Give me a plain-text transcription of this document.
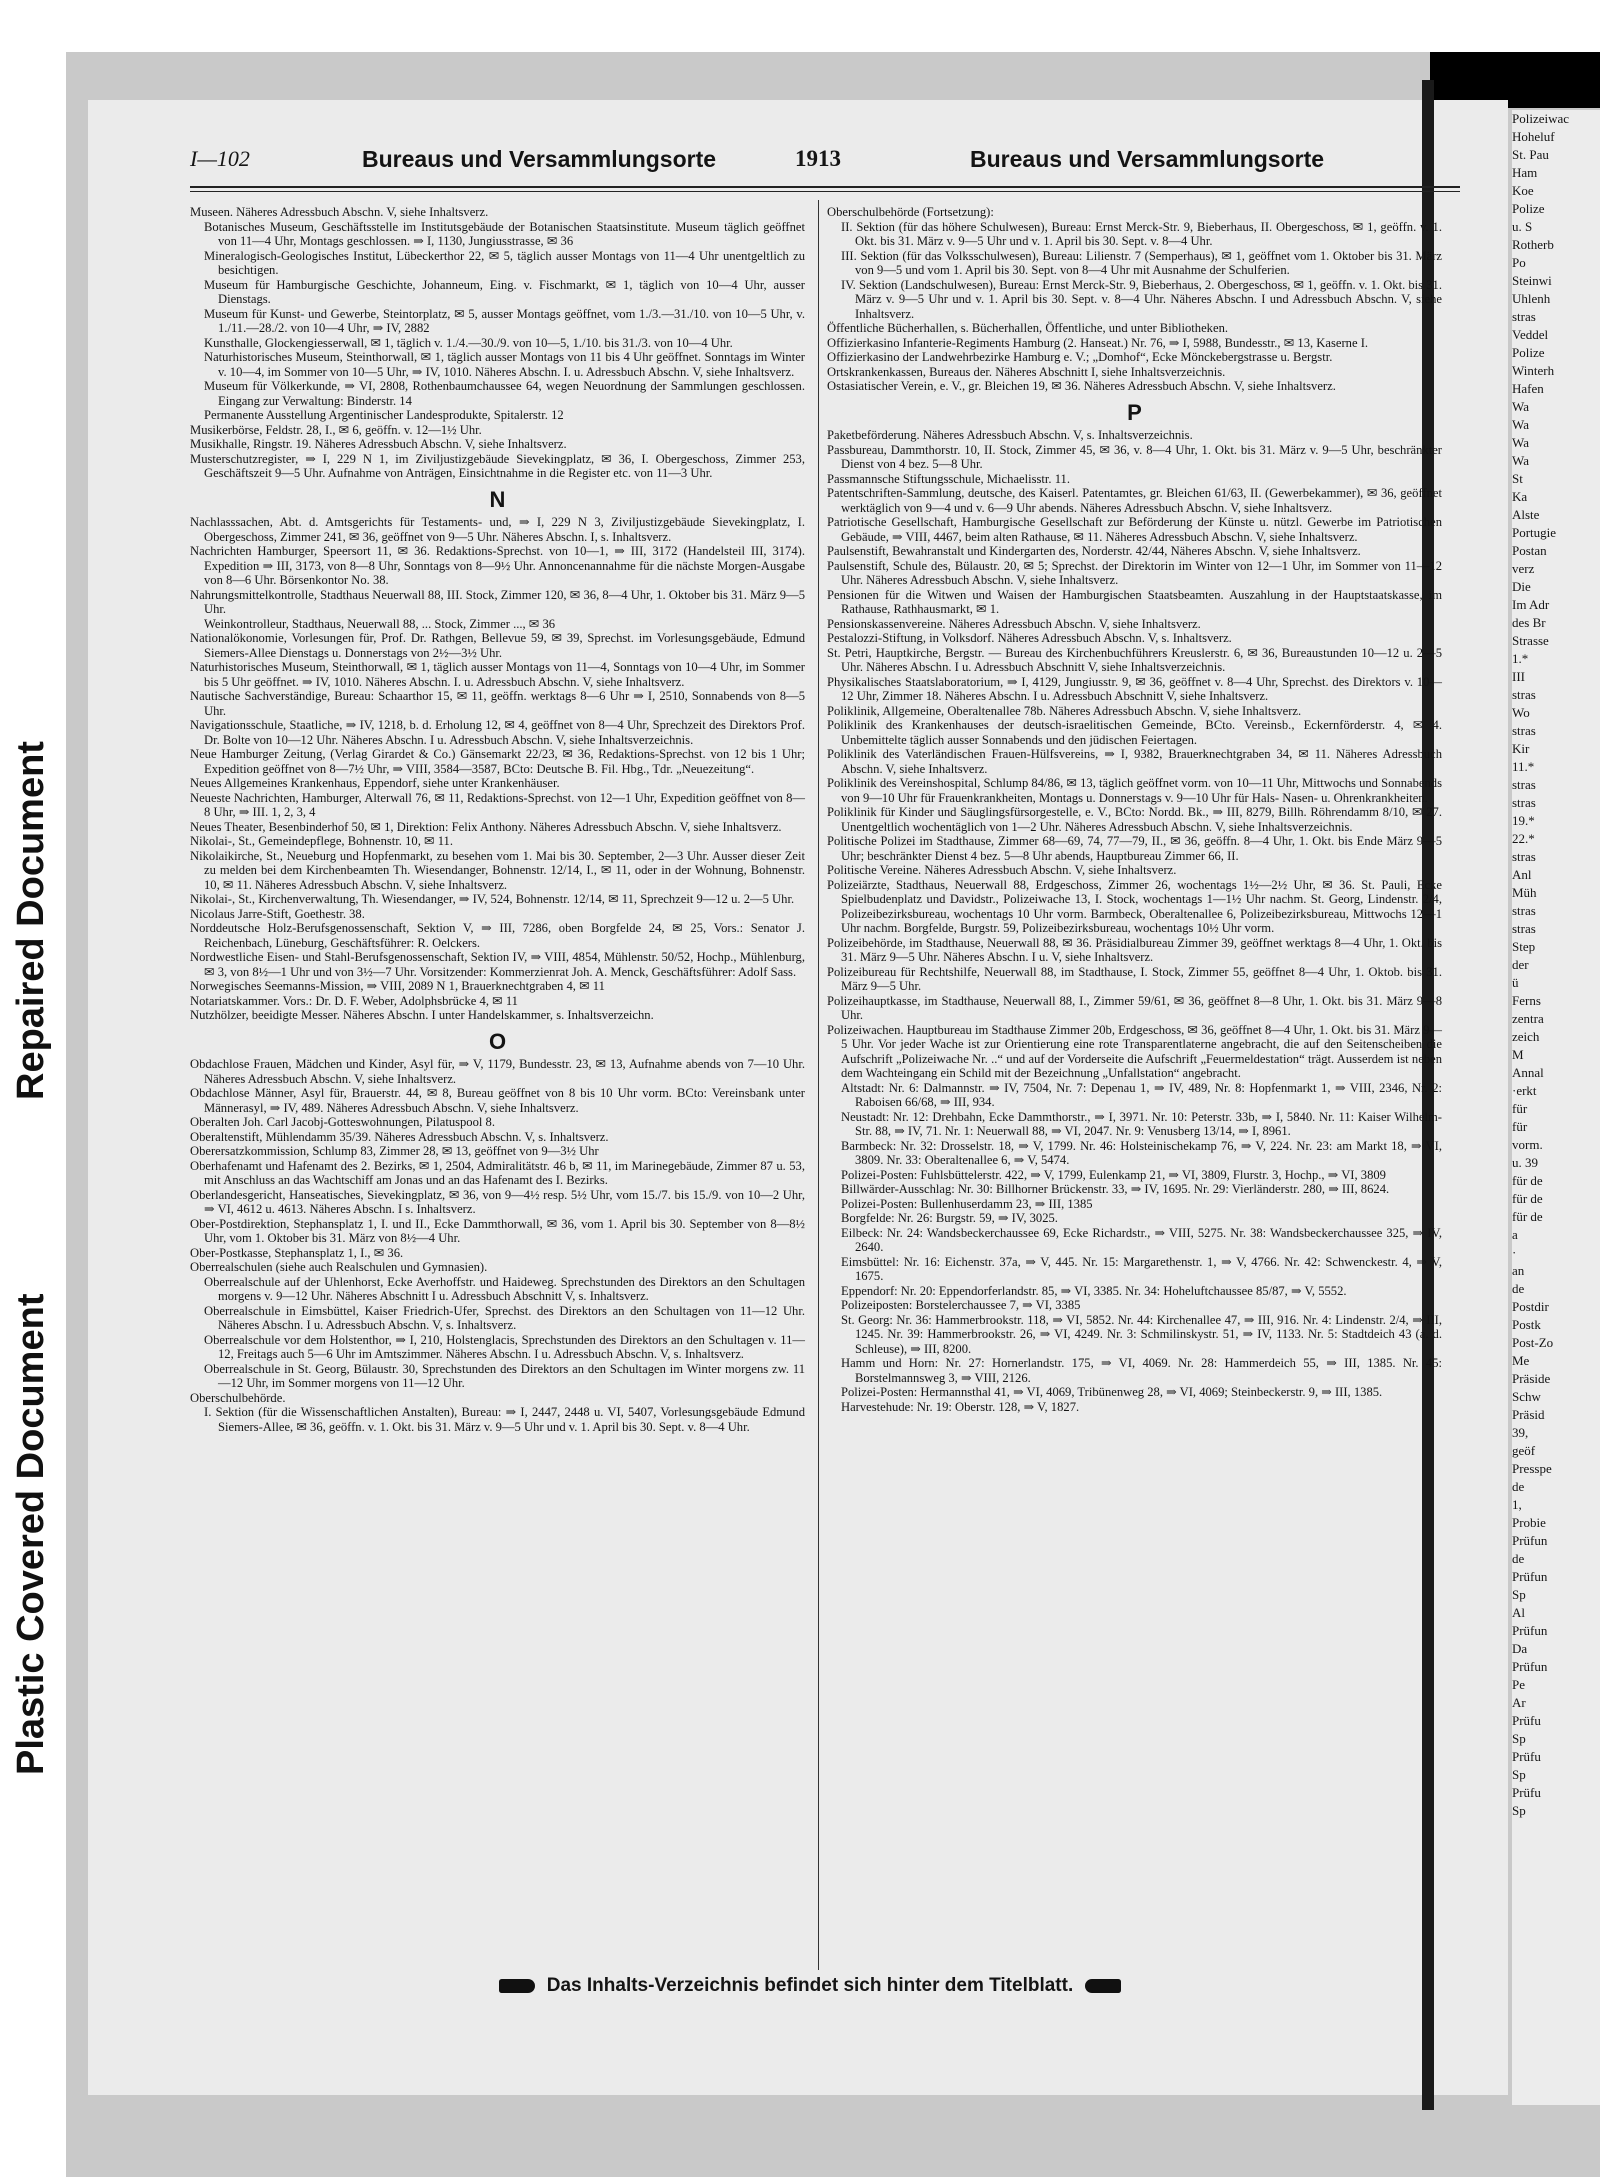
Repaired Document
Plastic Covered Document
Polizeiwac
Hoheluf
St. Pau
Ham
Koe
Polize
u. S
Rotherb
Po
Steinwi
Uhlenh
stras
Veddel
Polize
Winterh
Hafen
Wa
Wa
Wa
Wa
St
Ka
Alste
Portugie
Postan
verz
Die
Im Adr
des Br
Strasse
1.*
III
stras
Wo
stras
Kir
11.*
stras
stras
19.*
22.*
stras
Anl
Müh
stras
stras
Step
der
ü
Ferns
zentra
zeich
M
Annal
·erkt
für
für
vorm.
u. 39
für de
für de
für de
a
·
an
de
Postdir
Postk
Post-Zo
Me
Präside
Schw
Präsid
39,
geöf
Presspe
de
1,
Probie
Prüfun
de
Prüfun
Sp
Al
Prüfun
Da
Prüfun
Pe
Ar
Prüfu
Sp
Prüfu
Sp
Prüfu
Sp
I—102	Bureaus und Versammlungsorte	1913	Bureaus und Versammlungsorte

Museen. Näheres Adressbuch Abschn. V, siehe Inhaltsverz.

Botanisches Museum, Geschäftsstelle im Institutsgebäude der Botanischen Staatsinstitute. Museum täglich geöffnet von 11—4 Uhr, Montags geschlossen. ⇒ I, 1130, Jungiusstrasse, ✉ 36

Mineralogisch-Geologisches Institut, Lübeckerthor 22, ✉ 5, täglich ausser Montags von 11—4 Uhr unentgeltlich zu besichtigen.

Museum für Hamburgische Geschichte, Johanneum, Eing. v. Fischmarkt, ✉ 1, täglich von 10—4 Uhr, ausser Dienstags.

Museum für Kunst- und Gewerbe, Steintorplatz, ✉ 5, ausser Montags geöffnet, vom 1./3.—31./10. von 10—5 Uhr, v. 1./11.—28./2. von 10—4 Uhr, ⇒ IV, 2882

Kunsthalle, Glockengiesserwall, ✉ 1, täglich v. 1./4.—30./9. von 10—5, 1./10. bis 31./3. von 10—4 Uhr.

Naturhistorisches Museum, Steinthorwall, ✉ 1, täglich ausser Montags von 11 bis 4 Uhr geöffnet. Sonntags im Winter v. 10—4, im Sommer von 10—5 Uhr, ⇒ IV, 1010. Näheres Abschn. I. u. Adressbuch Abschn. V, siehe Inhaltsverz.

Museum für Völkerkunde, ⇒ VI, 2808, Rothenbaumchaussee 64, wegen Neuordnung der Sammlungen geschlossen. Eingang zur Verwaltung: Binderstr. 14

Permanente Ausstellung Argentinischer Landesprodukte, Spitalerstr. 12

Musikerbörse, Feldstr. 28, I., ✉ 6, geöffn. v. 12—1½ Uhr.

Musikhalle, Ringstr. 19. Näheres Adressbuch Abschn. V, siehe Inhaltsverz.

Musterschutzregister, ⇒ I, 229 N 1, im Ziviljustizgebäude Sievekingplatz, ✉ 36, I. Obergeschoss, Zimmer 253, Geschäftszeit 9—5 Uhr. Aufnahme von Anträgen, Einsichtnahme in die Register etc. von 11—3 Uhr.

N

Nachlasssachen, Abt. d. Amtsgerichts für Testaments- und, ⇒ I, 229 N 3, Ziviljustizgebäude Sievekingplatz, I. Obergeschoss, Zimmer 241, ✉ 36, geöffnet von 9—5 Uhr. Näheres Abschn. I, s. Inhaltsverz.

Nachrichten Hamburger, Speersort 11, ✉ 36. Redaktions-Sprechst. von 10—1, ⇒ III, 3172 (Handelsteil III, 3174). Expedition ⇒ III, 3173, von 8—8 Uhr, Sonntags von 8—9½ Uhr. Annoncenannahme für die nächste Morgen-Ausgabe von 8—6 Uhr. Börsenkontor No. 38.

Nahrungsmittelkontrolle, Stadthaus Neuerwall 88, III. Stock, Zimmer 120, ✉ 36, 8—4 Uhr, 1. Oktober bis 31. März 9—5 Uhr.

Weinkontrolleur, Stadthaus, Neuerwall 88, ... Stock, Zimmer ..., ✉ 36

Nationalökonomie, Vorlesungen für, Prof. Dr. Rathgen, Bellevue 59, ✉ 39, Sprechst. im Vorlesungsgebäude, Edmund Siemers-Allee Dienstags u. Donnerstags von 2½—3½ Uhr.

Naturhistorisches Museum, Steinthorwall, ✉ 1, täglich ausser Montags von 11—4, Sonntags von 10—4 Uhr, im Sommer bis 5 Uhr geöffnet. ⇒ IV, 1010. Näheres Abschn. I. u. Adressbuch Abschn. V, siehe Inhaltsverz.

Nautische Sachverständige, Bureau: Schaarthor 15, ✉ 11, geöffn. werktags 8—6 Uhr ⇒ I, 2510, Sonnabends von 8—5 Uhr.

Navigationsschule, Staatliche, ⇒ IV, 1218, b. d. Erholung 12, ✉ 4, geöffnet von 8—4 Uhr, Sprechzeit des Direktors Prof. Dr. Bolte von 10—12 Uhr. Näheres Abschn. I u. Adressbuch Abschn. V, siehe Inhaltsverzeichnis.

Neue Hamburger Zeitung, (Verlag Girardet & Co.) Gänsemarkt 22/23, ✉ 36, Redaktions-Sprechst. von 12 bis 1 Uhr; Expedition geöffnet von 8—7½ Uhr, ⇒ VIII, 3584—3587, BCto: Deutsche B. Fil. Hbg., Tdr. „Neuezeitung“.

Neues Allgemeines Krankenhaus, Eppendorf, siehe unter Krankenhäuser.

Neueste Nachrichten, Hamburger, Alterwall 76, ✉ 11, Redaktions-Sprechst. von 12—1 Uhr, Expedition geöffnet von 8—8 Uhr, ⇒ III. 1, 2, 3, 4

Neues Theater, Besenbinderhof 50, ✉ 1, Direktion: Felix Anthony. Näheres Adressbuch Abschn. V, siehe Inhaltsverz.

Nikolai-, St., Gemeindepflege, Bohnenstr. 10, ✉ 11.

Nikolaikirche, St., Neueburg und Hopfenmarkt, zu besehen vom 1. Mai bis 30. September, 2—3 Uhr. Ausser dieser Zeit zu melden bei dem Kirchenbeamten Th. Wiesendanger, Bohnenstr. 12/14, I., ✉ 11, oder in der Wohnung, Bohnenstr. 10, ✉ 11. Näheres Adressbuch Abschn. V, siehe Inhaltsverz.

Nikolai-, St., Kirchenverwaltung, Th. Wiesendanger, ⇒ IV, 524, Bohnenstr. 12/14, ✉ 11, Sprechzeit 9—12 u. 2—5 Uhr.

Nicolaus Jarre-Stift, Goethestr. 38.

Norddeutsche Holz-Berufsgenossenschaft, Sektion V, ⇒ III, 7286, oben Borgfelde 24, ✉ 25, Vors.: Senator J. Reichenbach, Lüneburg, Geschäftsführer: R. Oelckers.

Nordwestliche Eisen- und Stahl-Berufsgenossenschaft, Sektion IV, ⇒ VIII, 4854, Mühlenstr. 50/52, Hochp., Mühlenburg, ✉ 3, von 8½—1 Uhr und von 3½—7 Uhr. Vorsitzender: Kommerzienrat Joh. A. Menck, Geschäftsführer: Adolf Sass.

Norwegisches Seemanns-Mission, ⇒ VIII, 2089 N 1, Brauerknechtgraben 4, ✉ 11

Notariatskammer. Vors.: Dr. D. F. Weber, Adolphsbrücke 4, ✉ 11

Nutzhölzer, beeidigte Messer. Näheres Abschn. I unter Handelskammer, s. Inhaltsverzeichn.

O

Obdachlose Frauen, Mädchen und Kinder, Asyl für, ⇒ V, 1179, Bundesstr. 23, ✉ 13, Aufnahme abends von 7—10 Uhr. Näheres Adressbuch Abschn. V, siehe Inhaltsverz.

Obdachlose Männer, Asyl für, Brauerstr. 44, ✉ 8, Bureau geöffnet von 8 bis 10 Uhr vorm. BCto: Vereinsbank unter Männerasyl, ⇒ IV, 489. Näheres Adressbuch Abschn. V, siehe Inhaltsverz.

Oberalten Joh. Carl Jacobj-Gotteswohnungen, Pilatuspool 8.

Oberaltenstift, Mühlendamm 35/39. Näheres Adressbuch Abschn. V, s. Inhaltsverz.

Oberersatzkommission, Schlump 83, Zimmer 28, ✉ 13, geöffnet von 9—3½ Uhr

Oberhafenamt und Hafenamt des 2. Bezirks, ✉ 1, 2504, Admiralitätstr. 46 b, ✉ 11, im Marinegebäude, Zimmer 87 u. 53, mit Anschluss an das Wachtschiff am Jonas und an das Hafenamt des I. Bezirks.

Oberlandesgericht, Hanseatisches, Sievekingplatz, ✉ 36, von 9—4½ resp. 5½ Uhr, vom 15./7. bis 15./9. von 10—2 Uhr, ⇒ VI, 4612 u. 4613. Näheres Abschn. I s. Inhaltsverz.

Ober-Postdirektion, Stephansplatz 1, I. und II., Ecke Dammthorwall, ✉ 36, vom 1. April bis 30. September von 8—8½ Uhr, vom 1. Oktober bis 31. März von 8½—4 Uhr.

Ober-Postkasse, Stephansplatz 1, I., ✉ 36.

Oberrealschulen (siehe auch Realschulen und Gymnasien).

Oberrealschule auf der Uhlenhorst, Ecke Averhoffstr. und Haideweg. Sprechstunden des Direktors an den Schultagen morgens v. 9—12 Uhr. Näheres Abschnitt I u. Adressbuch Abschnitt V, s. Inhaltsverz.

Oberrealschule in Eimsbüttel, Kaiser Friedrich-Ufer, Sprechst. des Direktors an den Schultagen von 11—12 Uhr. Näheres Abschn. I u. Adressbuch Abschn. V, s. Inhaltsverz.

Oberrealschule vor dem Holstenthor, ⇒ I, 210, Holstenglacis, Sprechstunden des Direktors an den Schultagen v. 11—12, Freitags auch 5—6 Uhr im Amtszimmer. Näheres Abschn. I u. Adressbuch Abschn. V, s. Inhaltsverz.

Oberrealschule in St. Georg, Bülaustr. 30, Sprechstunden des Direktors an den Schultagen im Winter morgens zw. 11—12 Uhr, im Sommer morgens von 11—12 Uhr.

Oberschulbehörde.

I. Sektion (für die Wissenschaftlichen Anstalten), Bureau: ⇒ I, 2447, 2448 u. VI, 5407, Vorlesungsgebäude Edmund Siemers-Allee, ✉ 36, geöffn. v. 1. Okt. bis 31. März v. 9—5 Uhr und v. 1. April bis 30. Sept. v. 8—4 Uhr.

Oberschulbehörde (Fortsetzung):

II. Sektion (für das höhere Schulwesen), Bureau: Ernst Merck-Str. 9, Bieberhaus, II. Obergeschoss, ✉ 1, geöffn. v. 1. Okt. bis 31. März v. 9—5 Uhr und v. 1. April bis 30. Sept. v. 8—4 Uhr.

III. Sektion (für das Volksschulwesen), Bureau: Lilienstr. 7 (Semperhaus), ✉ 1, geöffnet vom 1. Oktober bis 31. März von 9—5 und vom 1. April bis 30. Sept. von 8—4 Uhr mit Ausnahme der Schulferien.

IV. Sektion (Landschulwesen), Bureau: Ernst Merck-Str. 9, Bieberhaus, 2. Obergeschoss, ✉ 1, geöffn. v. 1. Okt. bis 31. März v. 9—5 Uhr und v. 1. April bis 30. Sept. v. 8—4 Uhr. Näheres Abschn. I und Adressbuch Abschn. V, siehe Inhaltsverz.

Öffentliche Bücherhallen, s. Bücherhallen, Öffentliche, und unter Bibliotheken.

Offizierkasino Infanterie-Regiments Hamburg (2. Hanseat.) Nr. 76, ⇒ I, 5988, Bundesstr., ✉ 13, Kaserne I.

Offizierkasino der Landwehrbezirke Hamburg e. V.; „Domhof“, Ecke Mönckebergstrasse u. Bergstr.

Ortskrankenkassen, Bureaus der. Näheres Abschnitt I, siehe Inhaltsverzeichnis.

Ostasiatischer Verein, e. V., gr. Bleichen 19, ✉ 36. Näheres Adressbuch Abschn. V, siehe Inhaltsverz.

P

Paketbeförderung. Näheres Adressbuch Abschn. V, s. Inhaltsverzeichnis.

Passbureau, Dammthorstr. 10, II. Stock, Zimmer 45, ✉ 36, v. 8—4 Uhr, 1. Okt. bis 31. März v. 9—5 Uhr, beschränkter Dienst von 4 bez. 5—8 Uhr.

Passmannsche Stiftungsschule, Michaelisstr. 11.

Patentschriften-Sammlung, deutsche, des Kaiserl. Patentamtes, gr. Bleichen 61/63, II. (Gewerbekammer), ✉ 36, geöffnet werktäglich von 9—4 und v. 6—9 Uhr abends. Näheres Adressbuch Abschn. V, siehe Inhaltsverz.

Patriotische Gesellschaft, Hamburgische Gesellschaft zur Beförderung der Künste u. nützl. Gewerbe im Patriotischen Gebäude, ⇒ VIII, 4467, beim alten Rathause, ✉ 11. Näheres Adressbuch Abschn. V, siehe Inhaltsverz.

Paulsenstift, Bewahranstalt und Kindergarten des, Norderstr. 42/44, Näheres Abschn. V, siehe Inhaltsverz.

Paulsenstift, Schule des, Bülaustr. 20, ✉ 5; Sprechst. der Direktorin im Winter von 12—1 Uhr, im Sommer von 11—12 Uhr. Näheres Adressbuch Abschn. V, siehe Inhaltsverz.

Pensionen für die Witwen und Waisen der Hamburgischen Staatsbeamten. Auszahlung in der Hauptstaatskasse, im Rathause, Rathhausmarkt, ✉ 1.

Pensionskassenvereine. Näheres Adressbuch Abschn. V, siehe Inhaltsverz.

Pestalozzi-Stiftung, in Volksdorf. Näheres Adressbuch Abschn. V, s. Inhaltsverz.

St. Petri, Hauptkirche, Bergstr. — Bureau des Kirchenbuchführers Kreuslerstr. 6, ✉ 36, Bureaustunden 10—12 u. 2—5 Uhr. Näheres Abschn. I u. Adressbuch Abschnitt V, siehe Inhaltsverzeichnis.

Physikalisches Staatslaboratorium, ⇒ I, 4129, Jungiusstr. 9, ✉ 36, geöffnet v. 8—4 Uhr, Sprechst. des Direktors v. 10—12 Uhr, Zimmer 18. Näheres Abschn. I u. Adressbuch Abschnitt V, siehe Inhaltsverz.

Poliklinik, Allgemeine, Oberaltenallee 78b. Näheres Adressbuch Abschn. V, siehe Inhaltsverz.

Poliklinik des Krankenhauses der deutsch-israelitischen Gemeinde, BCto. Vereinsb., Eckernförderstr. 4, ✉ 4. Unbemittelte täglich ausser Sonnabends und den jüdischen Feiertagen.

Poliklinik des Vaterländischen Frauen-Hülfsvereins, ⇒ I, 9382, Brauerknechtgraben 34, ✉ 11. Näheres Adressbuch Abschn. V, siehe Inhaltsverz.

Poliklinik des Vereinshospital, Schlump 84/86, ✉ 13, täglich geöffnet vorm. von 10—11 Uhr, Mittwochs und Sonnabends von 9—10 Uhr für Frauenkrankheiten, Montags u. Donnerstags v. 9—10 Uhr für Hals- Nasen- u. Ohrenkrankheiten.

Poliklinik für Kinder und Säuglingsfürsorgestelle, e. V., BCto: Nordd. Bk., ⇒ III, 8279, Billh. Röhrendamm 8/10, ✉ 27. Unentgeltlich wochentäglich von 1—2 Uhr. Näheres Adressbuch Abschn. V, siehe Inhaltsverzeichnis.

Politische Polizei im Stadthause, Zimmer 68—69, 74, 77—79, II., ✉ 36, geöffn. 8—4 Uhr, 1. Okt. bis Ende März 9—5 Uhr; beschränkter Dienst 4 bez. 5—8 Uhr abends, Hauptbureau Zimmer 66, II.

Politische Vereine. Näheres Adressbuch Abschn. V, siehe Inhaltsverz.

Polizeiärzte, Stadthaus, Neuerwall 88, Erdgeschoss, Zimmer 26, wochentags 1½—2½ Uhr, ✉ 36. St. Pauli, Ecke Spielbudenplatz und Davidstr., Polizeiwache 13, I. Stock, wochentags 1—1½ Uhr nachm. St. Georg, Lindenstr. 2/4, Polizeibezirksbureau, wochentags 10 Uhr vorm. Barmbeck, Oberaltenallee 6, Polizeibezirksbureau, Mittwochs 12—1 Uhr nachm. Borgfelde, Burgstr. 59, Polizeibezirksbureau, wochentags 10½ Uhr vorm.

Polizeibehörde, im Stadthause, Neuerwall 88, ✉ 36. Präsidialbureau Zimmer 39, geöffnet werktags 8—4 Uhr, 1. Okt. bis 31. März 9—5 Uhr. Näheres Abschn. I u. V, siehe Inhaltsverz.

Polizeibureau für Rechtshilfe, Neuerwall 88, im Stadthause, I. Stock, Zimmer 55, geöffnet 8—4 Uhr, 1. Oktob. bis 31. März 9—5 Uhr.

Polizeihauptkasse, im Stadthause, Neuerwall 88, I., Zimmer 59/61, ✉ 36, geöffnet 8—8 Uhr, 1. Okt. bis 31. März 9—8 Uhr.

Polizeiwachen. Hauptbureau im Stadthause Zimmer 20b, Erdgeschoss, ✉ 36, geöffnet 8—4 Uhr, 1. Okt. bis 31. März 9—5 Uhr. Vor jeder Wache ist zur Orientierung eine rote Transparentlaterne angebracht, die auf den Seitenscheiben die Aufschrift „Polizeiwache Nr. ..“ und auf der Vorderseite die Aufschrift „Feuermeldestation“ trägt. Ausserdem ist neben dem Wachteingang ein Schild mit der Bezeichnung „Unfallstation“ angebracht.

Altstadt: Nr. 6: Dalmannstr. ⇒ IV, 7504, Nr. 7: Depenau 1, ⇒ IV, 489, Nr. 8: Hopfenmarkt 1, ⇒ VIII, 2346, Nr. 2: Raboisen 66/68, ⇒ III, 934.

Neustadt: Nr. 12: Drehbahn, Ecke Dammthorstr., ⇒ I, 3971. Nr. 10: Peterstr. 33b, ⇒ I, 5840. Nr. 11: Kaiser Wilhelm-Str. 88, ⇒ IV, 71. Nr. 1: Neuerwall 88, ⇒ VI, 2047. Nr. 9: Venusberg 13/14, ⇒ I, 8961.

Barmbeck: Nr. 32: Drosselstr. 18, ⇒ V, 1799. Nr. 46: Holsteinischekamp 76, ⇒ V, 224. Nr. 23: am Markt 18, ⇒ VI, 3809. Nr. 33: Oberaltenallee 6, ⇒ V, 5474.

Polizei-Posten: Fuhlsbüttelerstr. 422, ⇒ V, 1799, Eulenkamp 21, ⇒ VI, 3809, Flurstr. 3, Hochp., ⇒ VI, 3809

Billwärder-Ausschlag: Nr. 30: Billhorner Brückenstr. 33, ⇒ IV, 1695. Nr. 29: Vierländerstr. 280, ⇒ III, 8624.

Polizei-Posten: Bullenhuserdamm 23, ⇒ III, 1385

Borgfelde: Nr. 26: Burgstr. 59, ⇒ IV, 3025.

Eilbeck: Nr. 24: Wandsbeckerchaussee 69, Ecke Richardstr., ⇒ VIII, 5275. Nr. 38: Wandsbeckerchaussee 325, ⇒ IV, 2640.

Eimsbüttel: Nr. 16: Eichenstr. 37a, ⇒ V, 445. Nr. 15: Margarethenstr. 1, ⇒ V, 4766. Nr. 42: Schwenckestr. 4, ⇒ V, 1675.

Eppendorf: Nr. 20: Eppendorferlandstr. 85, ⇒ VI, 3385. Nr. 34: Hoheluftchaussee 85/87, ⇒ V, 5552.

Polizeiposten: Borstelerchaussee 7, ⇒ VI, 3385

St. Georg: Nr. 36: Hammerbrookstr. 118, ⇒ VI, 5852. Nr. 44: Kirchenallee 47, ⇒ III, 916. Nr. 4: Lindenstr. 2/4, ⇒ III, 1245. Nr. 39: Hammerbrookstr. 26, ⇒ VI, 4249. Nr. 3: Schmilinskystr. 51, ⇒ IV, 1133. Nr. 5: Stadtdeich 43 (a. d. Schleuse), ⇒ III, 8200.

Hamm und Horn: Nr. 27: Hornerlandstr. 175, ⇒ VI, 4069. Nr. 28: Hammerdeich 55, ⇒ III, 1385. Nr. 45: Borstelmannsweg 3, ⇒ VIII, 2126.

Polizei-Posten: Hermannsthal 41, ⇒ VI, 4069, Tribünenweg 28, ⇒ VI, 4069; Steinbeckerstr. 9, ⇒ III, 1385.

Harvestehude: Nr. 19: Oberstr. 128, ⇒ V, 1827.

Das Inhalts-Verzeichnis befindet sich hinter dem Titelblatt.
